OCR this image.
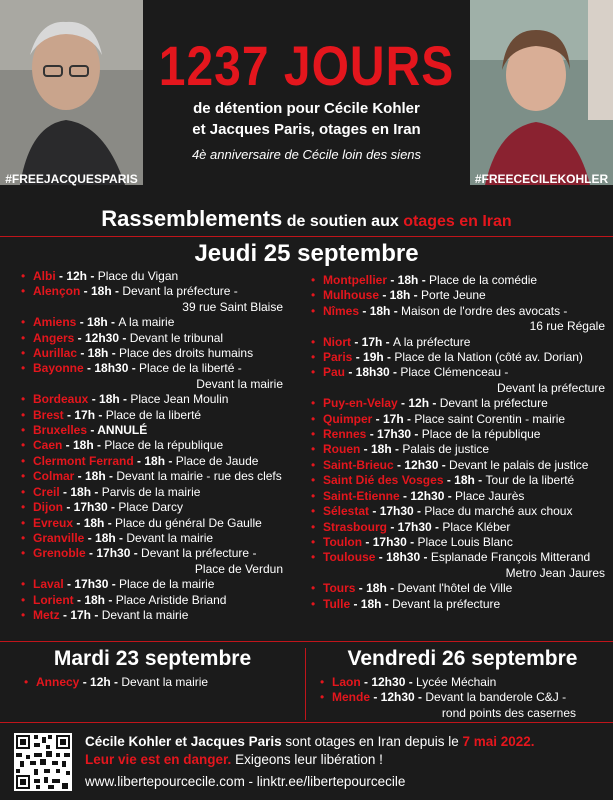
#FREEJACQUESPARIS	#FREECECILEKOHLER
1237 JOURS
de détention pour Cécile Kohler
et Jacques Paris, otages en Iran
4è anniversaire de Cécile loin des siens
Rassemblements de soutien aux otages en Iran
Jeudi 25 septembre
• Albi - 12h - Place du Vigan
• Alençon - 18h - Devant la préfecture -
39 rue Saint Blaise
• Amiens - 18h - A la mairie
• Angers - 12h30 - Devant le tribunal
• Aurillac - 18h - Place des droits humains
• Bayonne - 18h30 - Place de la liberté -
Devant la mairie
• Bordeaux - 18h - Place Jean Moulin
• Brest - 17h - Place de la liberté
• Bruxelles - ANNULÉ
• Caen - 18h - Place de la république
• Clermont Ferrand - 18h - Place de Jaude
• Colmar - 18h - Devant la mairie - rue des clefs
• Creil - 18h - Parvis de la mairie
• Dijon - 17h30 - Place Darcy
• Evreux - 18h - Place du général De Gaulle
• Granville - 18h - Devant la mairie
• Grenoble - 17h30 - Devant la préfecture -
Place de Verdun
• Laval - 17h30 - Place de la mairie
• Lorient - 18h - Place Aristide Briand
• Metz - 17h - Devant la mairie
• Montpellier - 18h - Place de la comédie
• Mulhouse - 18h - Porte Jeune
• Nîmes - 18h - Maison de l'ordre des avocats -
16 rue Régale
• Niort - 17h - A la préfecture
• Paris - 19h - Place de la Nation (côté av. Dorian)
• Pau - 18h30 - Place Clémenceau -
Devant la préfecture
• Puy-en-Velay - 12h - Devant la préfecture
• Quimper - 17h - Place saint Corentin - mairie
• Rennes - 17h30 - Place de la république
• Rouen - 18h - Palais de justice
• Saint-Brieuc - 12h30 - Devant le palais de justice
• Saint Dié des Vosges - 18h - Tour de la liberté
• Saint-Etienne - 12h30 - Place Jaurès
• Sélestat - 17h30 - Place du marché aux choux
• Strasbourg - 17h30 - Place Kléber
• Toulon - 17h30 - Place Louis Blanc
• Toulouse - 18h30 - Esplanade François Mitterand
Metro Jean Jaures
• Tours - 18h - Devant l'hôtel de Ville
• Tulle - 18h - Devant la préfecture
Mardi 23 septembre	Vendredi 26 septembre
• Annecy - 12h - Devant la mairie
•	Laon - 12h30 - Lycée Méchain
• Mende - 12h30 - Devant la banderole C&J -
rond points des casernes
Cécile Kohler et Jacques Paris sont otages en Iran depuis le 7 mai 2022.
Leur vie est en danger. Exigeons leur libération !
www.libertepourcecile.com - linktr.ee/libertepourcecile
